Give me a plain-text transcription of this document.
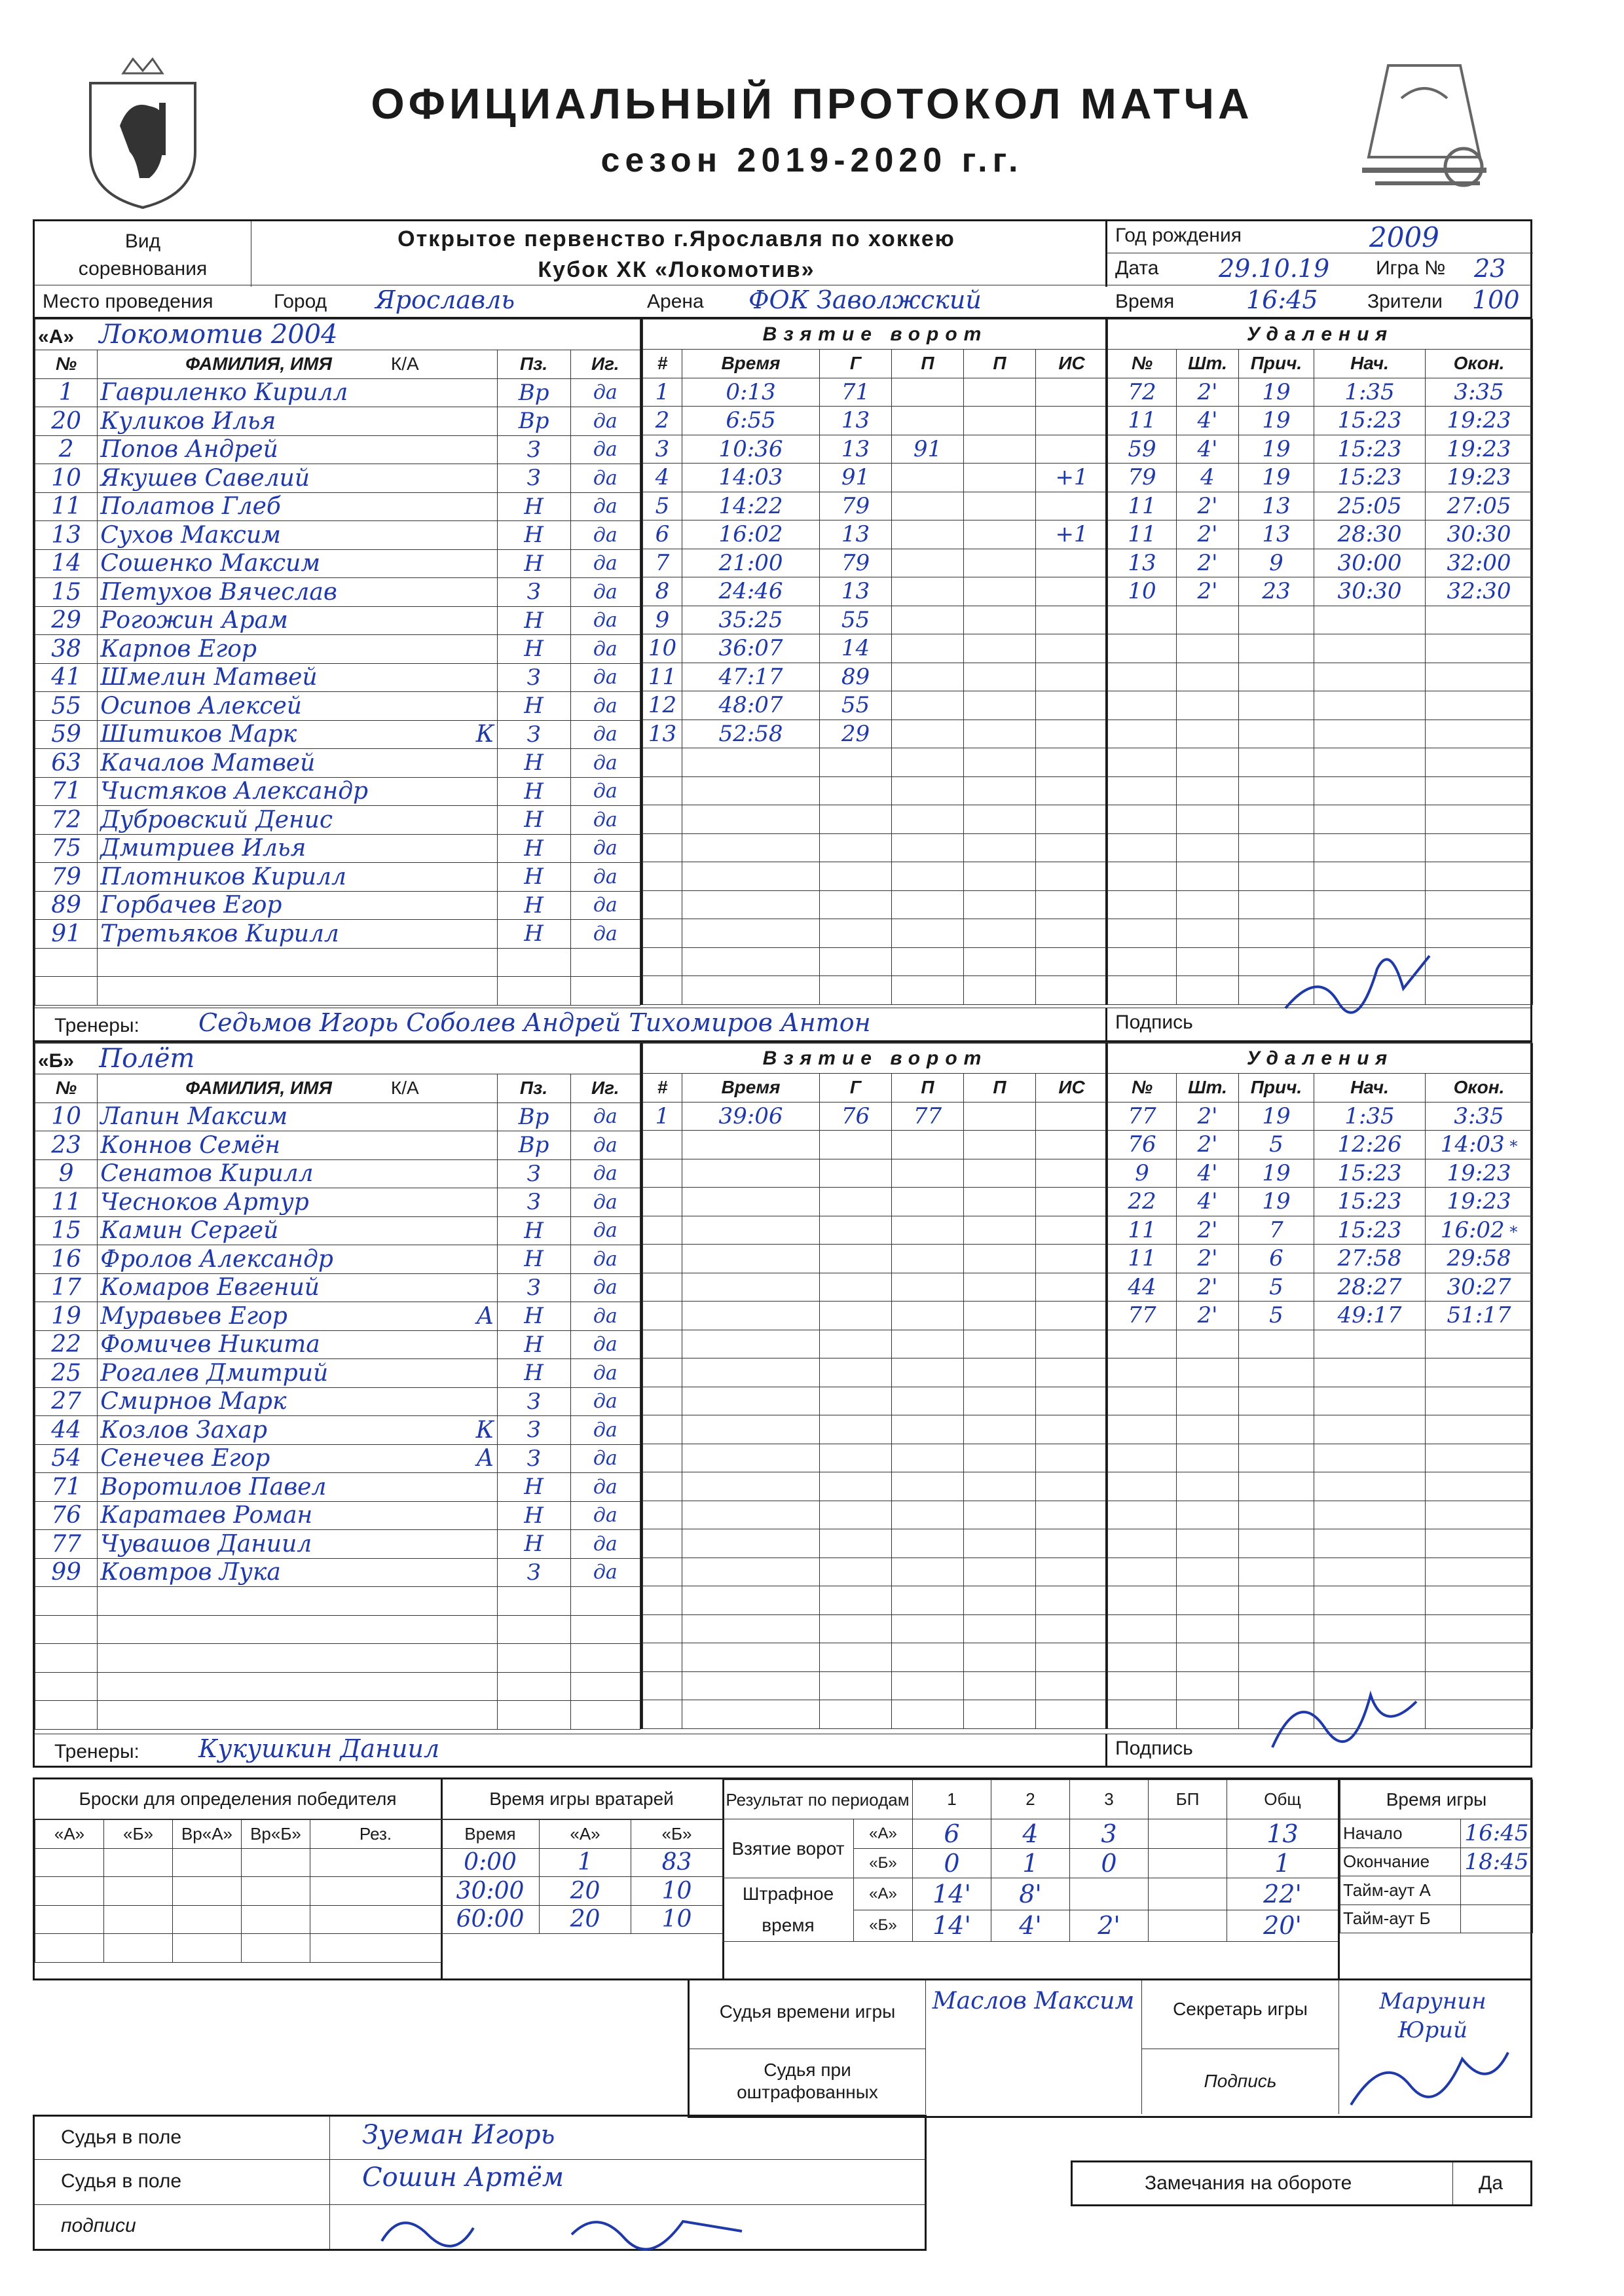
ОФИЦИАЛЬНЫЙ ПРОТОКОЛ МАТЧА
сезон 2019-2020 г.г.
Вид соревнования
Открытое первенство г.Ярославля по хоккею
Кубок ХК «Локомотив»
Год рождения	2009
Дата 29.10.19 Игра № 23
Место проведения	Город Ярославль	Арена ФОК Заволжский	Время	16:45	Зрители 100
«А» Локомотив 2004			
№	ФАМИЛИЯ, ИМЯ К/А	Пз.	Иг.
1	Гавриленко Кирилл	Вр	да
20	Куликов Илья	Вр	да
2	Попов Андрей	З	да
10	Якушев Савелий	З	да
11	Полатов Глеб	Н	да
13	Сухов Максим	Н	да
14	Сошенко Максим	Н	да
15	Петухов Вячеслав	З	да
29	Рогожин Арам	Н	да
38	Карпов Егор	Н	да
41	Шмелин Матвей	З	да
55	Осипов Алексей	Н	да
59	Шитиков Марк К	З	да
63	Качалов Матвей	Н	да
71	Чистяков Александр	Н	да
72	Дубровский Денис	Н	да
75	Дмитриев Илья	Н	да
79	Плотников Кирилл	Н	да
89	Горбачев Егор	Н	да
91	Третьяков Кирилл	Н	да

Взятие ворот					
#	Время	Г	П	П	ИС
1	0:13	71			
2	6:55	13			
3	10:36	13	91		
4	14:03	91			+1
5	14:22	79			
6	16:02	13			+1
7	21:00	79			
8	24:46	13			
9	35:25	55			
10	36:07	14			
11	47:17	89			
12	48:07	55			
13	52:58	29			

Удаления				
№	Шт.	Прич.	Нач.	Окон.
72	2'	19	1:35	3:35
11	4'	19	15:23	19:23
59	4'	19	15:23	19:23
79	4	19	15:23	19:23
11	2'	13	25:05	27:05
11	2'	13	28:30	30:30
13	2'	9	30:00	32:00
10	2'	23	30:30	32:30

Тренеры: Седьмов Игорь Соболев Андрей Тихомиров Антон	Подпись
«Б» Полёт			
№	ФАМИЛИЯ, ИМЯ К/А	Пз.	Иг.
10	Лапин Максим	Вр	да
23	Коннов Семён	Вр	да
9	Сенатов Кирилл	З	да
11	Чесноков Артур	З	да
15	Камин Сергей	Н	да
16	Фролов Александр	Н	да
17	Комаров Евгений	З	да
19	Муравьев Егор А	Н	да
22	Фомичев Никита	Н	да
25	Рогалев Дмитрий	Н	да
27	Смирнов Марк	З	да
44	Козлов Захар К	З	да
54	Сенечев Егор А	З	да
71	Воротилов Павел	Н	да
76	Каратаев Роман	Н	да
77	Чувашов Даниил	Н	да
99	Ковтров Лука	З	да

Взятие ворот					
#	Время	Г	П	П	ИС
1	39:06	76	77		

Удаления				
№	Шт.	Прич.	Нач.	Окон.
77	2'	19	1:35	3:35
76	2'	5	12:26	14:03 *
9	4'	19	15:23	19:23
22	4'	19	15:23	19:23
11	2'	7	15:23	16:02 *
11	2'	6	27:58	29:58
44	2'	5	28:27	30:27
77	2'	5	49:17	51:17

Тренеры: Кукушкин Даниил	Подпись
Броски для определения победителя
«А»	«Б»	Вр«А»	Вр«Б»	Рез.

Время игры вратарей
Время	«А»	«Б»
0:00	1	83
30:00	20	10
60:00	20	10
Результат по периодам		1	2	3	БП	Общ
Взятие ворот	«А»	6	4	3		13
	«Б»	0	1	0		1
Штрафное время	«А»	14'	8'			22'
	«Б»	14'	4'	2'		20'
Время игры	
Начало	16:45
Окончание	18:45
Тайм-аут А	
Тайм-аут Б	
Судья времени игры	Маслов Максим	Секретарь игры	Марунин Юрий
Судья при оштрафованных
Подпись
Судья в поле	Зуеман Игорь
Судья в поле	Сошин Артём
подписи
Замечания на обороте	Да
